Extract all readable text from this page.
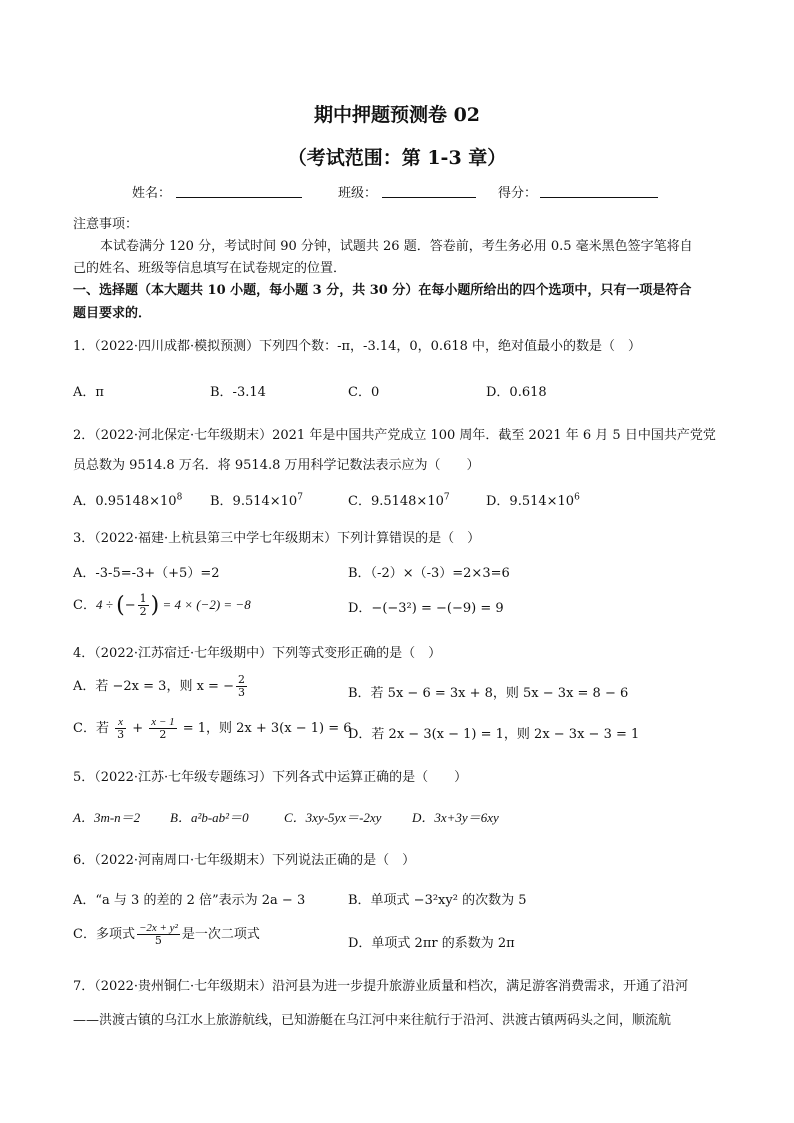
期中押题预测卷 02
（考试范围：第 1-3 章）
姓名：	班级：	得分：
注意事项：
本试卷满分 120 分，考试时间 90 分钟，试题共 26 题．答卷前，考生务必用 0.5 毫米黑色签字笔将自
己的姓名、班级等信息填写在试卷规定的位置．
一、选择题（本大题共 10 小题，每小题 3 分，共 30 分）在每小题所给出的四个选项中，只有一项是符合
题目要求的．
1．（2022·四川成都·模拟预测）下列四个数：-π，-3.14，0，0.618 中，绝对值最小的数是（　）
A．π	B．-3.14	C．0	D．0.618
2．（2022·河北保定·七年级期末）2021 年是中国共产党成立 100 周年．截至 2021 年 6 月 5 日中国共产党党
员总数为 9514.8 万名．将 9514.8 万用科学记数法表示应为（　　）
A．$0.95148\times 10^8$ B．$9.514\times 10^7$	C．$9.5148\times 10^7$	D．$9.514\times 10^6$
3．（2022·福建·上杭县第三中学七年级期末）下列计算错误的是（　）
A．-3-5=-3+（+5）=2	B．（-2）×（-3）=2×3=6
C．4 ÷ (− $\frac{1}{2}$ ) = 4 × (−2) = −8	D．−(−3²) = −(−9) = 9
4．（2022·江苏宿迁·七年级期中）下列等式变形正确的是（　）
A．若 −2x = 3，则 x = − $\frac{2}{3}$	B．若 5x − 6 = 3x + 8，则 5x − 3x = 8 − 6
C．若 $\frac{x}{3} + \frac{x - 1}{2} = 1$，则 2x + 3(x − 1) = 6
D．若 2x − 3(x − 1) = 1，则 2x − 3x − 3 = 1
5．（2022·江苏·七年级专题练习）下列各式中运算正确的是（　　）
A．3m-n＝2 B．a²b-ab²＝0	C．3xy-5yx＝-2xy D．3x+3y＝6xy
6．（2022·河南周口·七年级期末）下列说法正确的是（　）
A．“a 与 3 的差的 2 倍”表示为 2a − 3	B．单项式 −3²xy² 的次数为 5
C．多项式 $\frac{\text{−2x + y²}}{5}$ 是一次二项式
D．单项式 2πr 的系数为 2π
7．（2022·贵州铜仁·七年级期末）沿河县为进一步提升旅游业质量和档次，满足游客消费需求，开通了沿河
——洪渡古镇的乌江水上旅游航线，已知游艇在乌江河中来往航行于沿河、洪渡古镇两码头之间，顺流航
